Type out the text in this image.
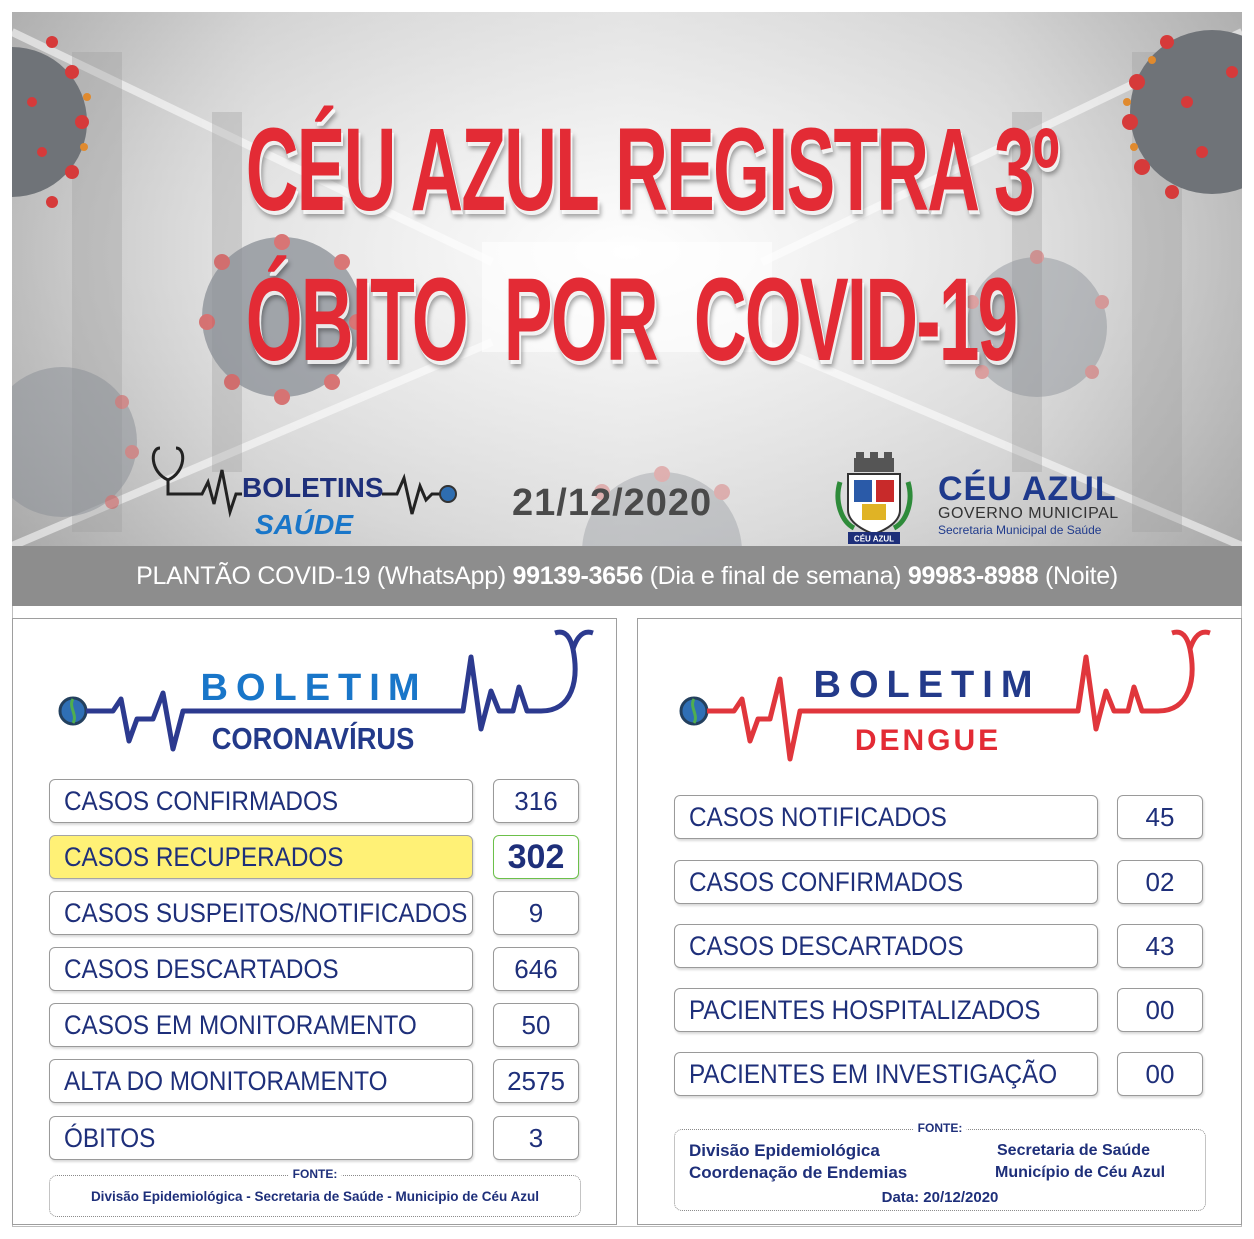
CÉU AZUL REGISTRA 3º
ÓBITO POR COVID-19
BOLETINS
SAÚDE
21/12/2020
CÉU AZUL
CÉU AZUL
GOVERNO MUNICIPAL
Secretaria Municipal de Saúde
PLANTÃO COVID-19 (WhatsApp) 99139-3656 (Dia e final de semana) 99983-8988 (Noite)
BOLETIM
CORONAVÍRUS
CASOS CONFIRMADOS	316
CASOS RECUPERADOS	302
CASOS SUSPEITOS/NOTIFICADOS	9
CASOS DESCARTADOS	646
CASOS EM MONITORAMENTO	50
ALTA DO MONITORAMENTO	2575
ÓBITOS	3
FONTE:
Divisão Epidemiológica - Secretaria de Saúde - Municipio de Céu Azul
BOLETIM
DENGUE
CASOS NOTIFICADOS	45
CASOS CONFIRMADOS	02
CASOS DESCARTADOS	43
PACIENTES HOSPITALIZADOS	00
PACIENTES EM INVESTIGAÇÃO	00
FONTE:
Divisão Epidemiológica
Coordenação de Endemias
Secretaria de Saúde
Município de Céu Azul
Data: 20/12/2020
